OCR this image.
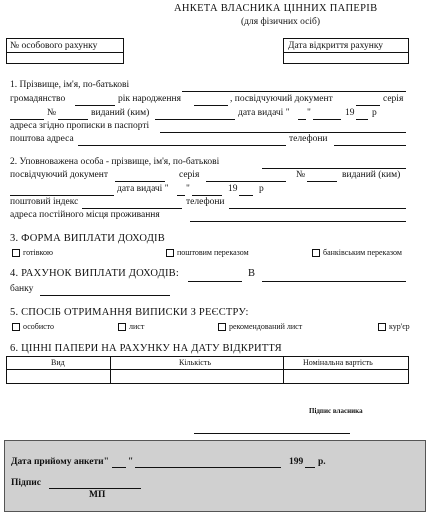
АНКЕТА ВЛАСНИКА ЦІННИХ ПАПЕРІВ
(для фізичних осіб)
№ особового рахунку	Дата відкриття рахунку
1. Прізвище, ім'я, по-батькові
громадянство	рік народження	, посвідчуючий документ	серія
№	виданий (ким)	дата видачі " "	19 р
адреса згідно прописки в паспорті
поштова адреса	телефони
2. Уповноважена особа - прізвище, ім'я, по-батькові
посвідчуючий документ	серія	№	виданий (ким)
дата видачі " "	19 р
поштовий індекс	телефони
адреса постійного місця проживання
3. ФОРМА ВИПЛАТИ ДОХОДІВ
готівкою	поштовим переказом	банківським переказом
4. РАХУНОК ВИПЛАТИ ДОХОДІВ:	В
банку
5. СПОСІБ ОТРИМАННЯ ВИПИСКИ З РЕЄСТРУ:
особисто	лист	рекомендований лист	кур'єр
6. ЦІННІ ПАПЕРИ НА РАХУНКУ НА ДАТУ ВІДКРИТТЯ
Вид	Кількість	Номінальна вартість
Підпис власника
Дата прийому анкети" "	199 р.
Підпис
МП
